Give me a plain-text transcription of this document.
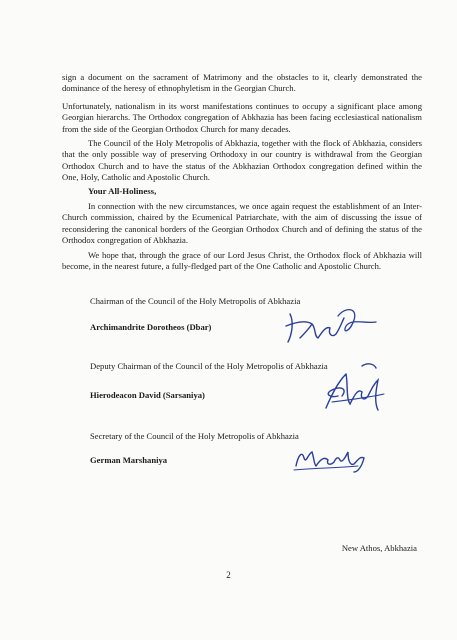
sign a document on the sacrament of Matrimony and the obstacles to it, clearly demonstrated the dominance of the heresy of ethnophyletism in the Georgian Church.

Unfortunately, nationalism in its worst manifestations continues to occupy a significant place among Georgian hierarchs. The Orthodox congregation of Abkhazia has been facing ecclesiastical nationalism from the side of the Georgian Orthodox Church for many decades.

The Council of the Holy Metropolis of Abkhazia, together with the flock of Abkhazia, considers that the only possible way of preserving Orthodoxy in our country is withdrawal from the Georgian Orthodox Church and to have the status of the Abkhazian Orthodox congregation defined within the One, Holy, Catholic and Apostolic Church.

Your All-Holiness,

In connection with the new circumstances, we once again request the establishment of an Inter-Church commission, chaired by the Ecumenical Patriarchate, with the aim of discussing the issue of reconsidering the canonical borders of the Georgian Orthodox Church and of defining the status of the Orthodox congregation of Abkhazia.

We hope that, through the grace of our Lord Jesus Christ, the Orthodox flock of Abkhazia will become, in the nearest future, a fully-fledged part of the One Catholic and Apostolic Church.

Chairman of the Council of the Holy Metropolis of Abkhazia

Archimandrite Dorotheos (Dbar)

Deputy Chairman of the Council of the Holy Metropolis of Abkhazia

Hierodeacon David (Sarsaniya)

Secretary of the Council of the Holy Metropolis of Abkhazia

German Marshaniya

New Athos, Abkhazia

2
